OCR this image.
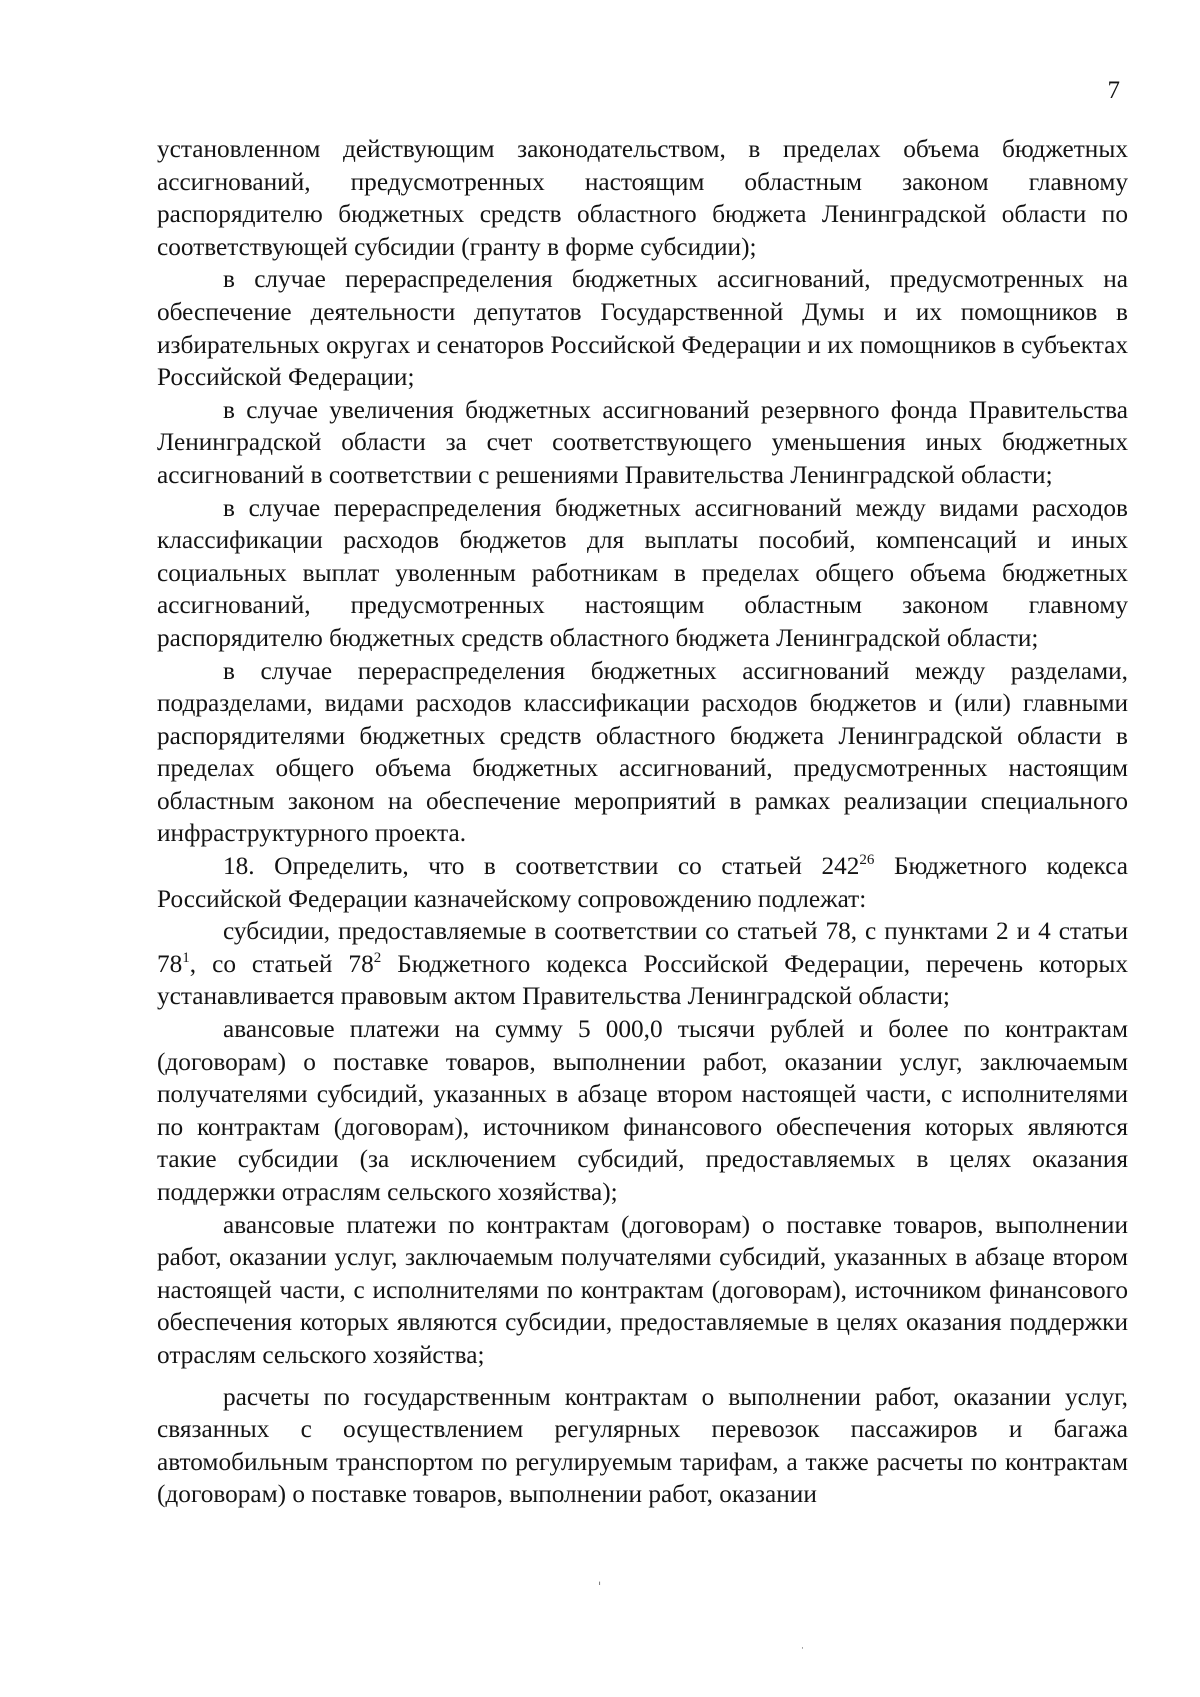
7

установленном действующим законодательством, в пределах объема бюджетных ассигнований, предусмотренных настоящим областным законом главному распорядителю бюджетных средств областного бюджета Ленинградской области по соответствующей субсидии (гранту в форме субсидии);

в случае перераспределения бюджетных ассигнований, предусмотренных на обеспечение деятельности депутатов Государственной Думы и их помощников в избирательных округах и сенаторов Российской Федерации и их помощников в субъектах Российской Федерации;

в случае увеличения бюджетных ассигнований резервного фонда Правительства Ленинградской области за счет соответствующего уменьшения иных бюджетных ассигнований в соответствии с решениями Правительства Ленинградской области;

в случае перераспределения бюджетных ассигнований между видами расходов классификации расходов бюджетов для выплаты пособий, компенсаций и иных социальных выплат уволенным работникам в пределах общего объема бюджетных ассигнований, предусмотренных настоящим областным законом главному распорядителю бюджетных средств областного бюджета Ленинградской области;

в случае перераспределения бюджетных ассигнований между разделами, подразделами, видами расходов классификации расходов бюджетов и (или) главными распорядителями бюджетных средств областного бюджета Ленинградской области в пределах общего объема бюджетных ассигнований, предусмотренных настоящим областным законом на обеспечение мероприятий в рамках реализации специального инфраструктурного проекта.

18. Определить, что в соответствии со статьей $242^{26}$ Бюджетного кодекса Российской Федерации казначейскому сопровождению подлежат:

субсидии, предоставляемые в соответствии со статьей 78, с пунктами 2 и 4 статьи $78^1$, со статьей $78^2$ Бюджетного кодекса Российской Федерации, перечень которых устанавливается правовым актом Правительства Ленинградской области;

авансовые платежи на сумму 5 000,0 тысячи рублей и более по контрактам (договорам) о поставке товаров, выполнении работ, оказании услуг, заключаемым получателями субсидий, указанных в абзаце втором настоящей части, с исполнителями по контрактам (договорам), источником финансового обеспечения которых являются такие субсидии (за исключением субсидий, предоставляемых в целях оказания поддержки отраслям сельского хозяйства);

авансовые платежи по контрактам (договорам) о поставке товаров, выполнении работ, оказании услуг, заключаемым получателями субсидий, указанных в абзаце втором настоящей части, с исполнителями по контрактам (договорам), источником финансового обеспечения которых являются субсидии, предоставляемые в целях оказания поддержки отраслям сельского хозяйства;

расчеты по государственным контрактам о выполнении работ, оказании услуг, связанных с осуществлением регулярных перевозок пассажиров и багажа автомобильным транспортом по регулируемым тарифам, а также расчеты по контрактам (договорам) о поставке товаров, выполнении работ, оказании

ˌ
·
